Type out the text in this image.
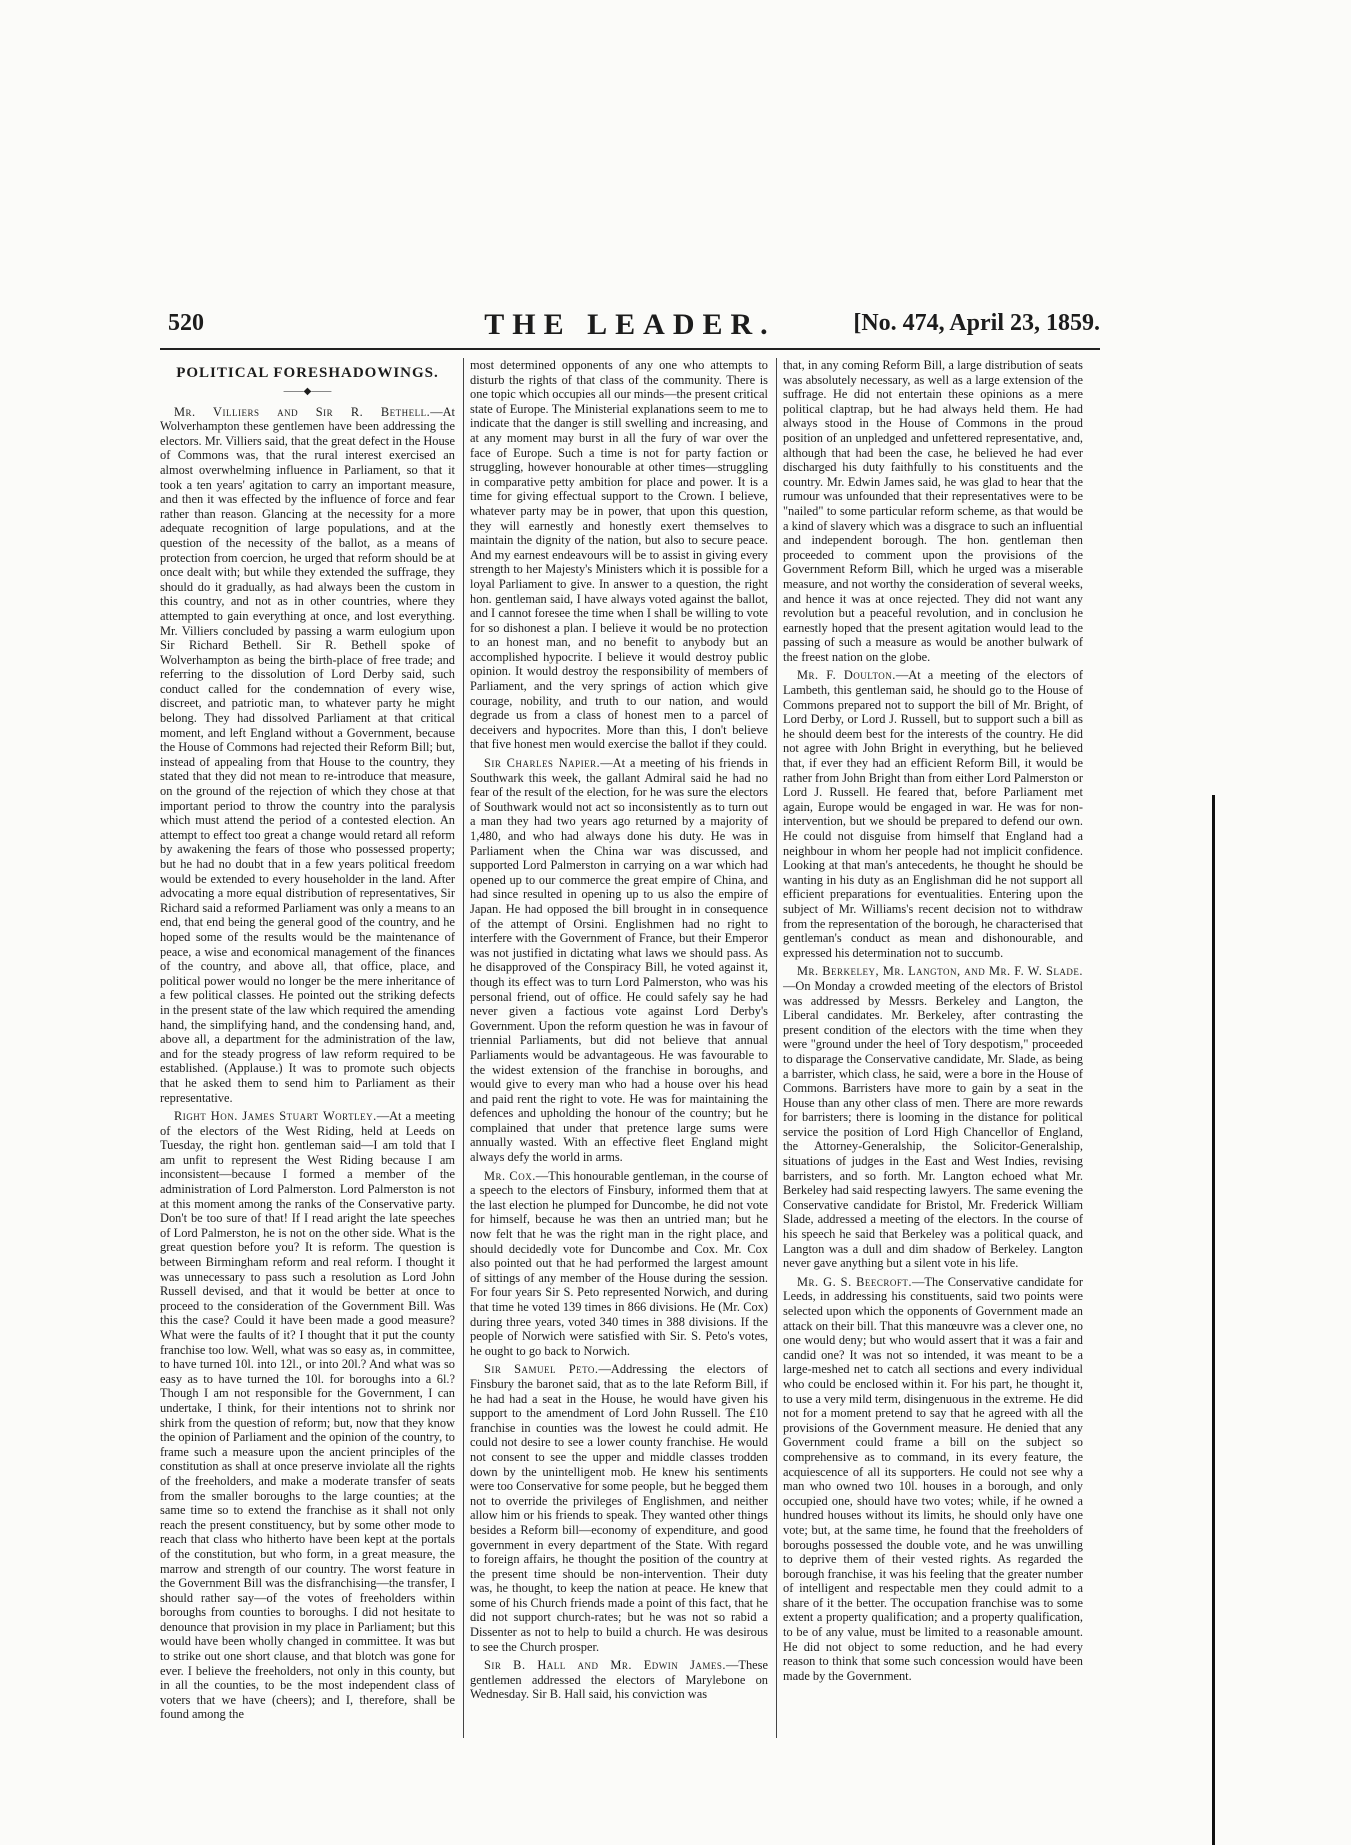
520	THE LEADER.	[No. 474, April 23, 1859.
POLITICAL FORESHADOWINGS.
——◆——

Mr. Villiers and Sir R. Bethell.—At Wolverhampton these gentlemen have been addressing the electors. Mr. Villiers said, that the great defect in the House of Commons was, that the rural interest exercised an almost overwhelming influence in Parliament, so that it took a ten years' agitation to carry an important measure, and then it was effected by the influence of force and fear rather than reason. Glancing at the necessity for a more adequate recognition of large populations, and at the question of the necessity of the ballot, as a means of protection from coercion, he urged that reform should be at once dealt with; but while they extended the suffrage, they should do it gradually, as had always been the custom in this country, and not as in other countries, where they attempted to gain everything at once, and lost everything. Mr. Villiers concluded by passing a warm eulogium upon Sir Richard Bethell. Sir R. Bethell spoke of Wolverhampton as being the birth-place of free trade; and referring to the dissolution of Lord Derby said, such conduct called for the condemnation of every wise, discreet, and patriotic man, to whatever party he might belong. They had dissolved Parliament at that critical moment, and left England without a Government, because the House of Commons had rejected their Reform Bill; but, instead of appealing from that House to the country, they stated that they did not mean to re-introduce that measure, on the ground of the rejection of which they chose at that important period to throw the country into the paralysis which must attend the period of a contested election. An attempt to effect too great a change would retard all reform by awakening the fears of those who possessed property; but he had no doubt that in a few years political freedom would be extended to every householder in the land. After advocating a more equal distribution of representatives, Sir Richard said a reformed Parliament was only a means to an end, that end being the general good of the country, and he hoped some of the results would be the maintenance of peace, a wise and economical management of the finances of the country, and above all, that office, place, and political power would no longer be the mere inheritance of a few political classes. He pointed out the striking defects in the present state of the law which required the amending hand, the simplifying hand, and the condensing hand, and, above all, a department for the administration of the law, and for the steady progress of law reform required to be established. (Applause.) It was to promote such objects that he asked them to send him to Parliament as their representative.

Right Hon. James Stuart Wortley.—At a meeting of the electors of the West Riding, held at Leeds on Tuesday, the right hon. gentleman said—I am told that I am unfit to represent the West Riding because I am inconsistent—because I formed a member of the administration of Lord Palmerston. Lord Palmerston is not at this moment among the ranks of the Conservative party. Don't be too sure of that! If I read aright the late speeches of Lord Palmerston, he is not on the other side. What is the great question before you? It is reform. The question is between Birmingham reform and real reform. I thought it was unnecessary to pass such a resolution as Lord John Russell devised, and that it would be better at once to proceed to the consideration of the Government Bill. Was this the case? Could it have been made a good measure? What were the faults of it? I thought that it put the county franchise too low. Well, what was so easy as, in committee, to have turned 10l. into 12l., or into 20l.? And what was so easy as to have turned the 10l. for boroughs into a 6l.? Though I am not responsible for the Government, I can undertake, I think, for their intentions not to shrink nor shirk from the question of reform; but, now that they know the opinion of Parliament and the opinion of the country, to frame such a measure upon the ancient principles of the constitution as shall at once preserve inviolate all the rights of the freeholders, and make a moderate transfer of seats from the smaller boroughs to the large counties; at the same time so to extend the franchise as it shall not only reach the present constituency, but by some other mode to reach that class who hitherto have been kept at the portals of the constitution, but who form, in a great measure, the marrow and strength of our country. The worst feature in the Government Bill was the disfranchising—the transfer, I should rather say—of the votes of freeholders within boroughs from counties to boroughs. I did not hesitate to denounce that provision in my place in Parliament; but this would have been wholly changed in committee. It was but to strike out one short clause, and that blotch was gone for ever. I believe the freeholders, not only in this county, but in all the counties, to be the most independent class of voters that we have (cheers); and I, therefore, shall be found among the

most determined opponents of any one who attempts to disturb the rights of that class of the community. There is one topic which occupies all our minds—the present critical state of Europe. The Ministerial explanations seem to me to indicate that the danger is still swelling and increasing, and at any moment may burst in all the fury of war over the face of Europe. Such a time is not for party faction or struggling, however honourable at other times—struggling in comparative petty ambition for place and power. It is a time for giving effectual support to the Crown. I believe, whatever party may be in power, that upon this question, they will earnestly and honestly exert themselves to maintain the dignity of the nation, but also to secure peace. And my earnest endeavours will be to assist in giving every strength to her Majesty's Ministers which it is possible for a loyal Parliament to give. In answer to a question, the right hon. gentleman said, I have always voted against the ballot, and I cannot foresee the time when I shall be willing to vote for so dishonest a plan. I believe it would be no protection to an honest man, and no benefit to anybody but an accomplished hypocrite. I believe it would destroy public opinion. It would destroy the responsibility of members of Parliament, and the very springs of action which give courage, nobility, and truth to our nation, and would degrade us from a class of honest men to a parcel of deceivers and hypocrites. More than this, I don't believe that five honest men would exercise the ballot if they could.

Sir Charles Napier.—At a meeting of his friends in Southwark this week, the gallant Admiral said he had no fear of the result of the election, for he was sure the electors of Southwark would not act so inconsistently as to turn out a man they had two years ago returned by a majority of 1,480, and who had always done his duty. He was in Parliament when the China war was discussed, and supported Lord Palmerston in carrying on a war which had opened up to our commerce the great empire of China, and had since resulted in opening up to us also the empire of Japan. He had opposed the bill brought in in consequence of the attempt of Orsini. Englishmen had no right to interfere with the Government of France, but their Emperor was not justified in dictating what laws we should pass. As he disapproved of the Conspiracy Bill, he voted against it, though its effect was to turn Lord Palmerston, who was his personal friend, out of office. He could safely say he had never given a factious vote against Lord Derby's Government. Upon the reform question he was in favour of triennial Parliaments, but did not believe that annual Parliaments would be advantageous. He was favourable to the widest extension of the franchise in boroughs, and would give to every man who had a house over his head and paid rent the right to vote. He was for maintaining the defences and upholding the honour of the country; but he complained that under that pretence large sums were annually wasted. With an effective fleet England might always defy the world in arms.

Mr. Cox.—This honourable gentleman, in the course of a speech to the electors of Finsbury, informed them that at the last election he plumped for Duncombe, he did not vote for himself, because he was then an untried man; but he now felt that he was the right man in the right place, and should decidedly vote for Duncombe and Cox. Mr. Cox also pointed out that he had performed the largest amount of sittings of any member of the House during the session. For four years Sir S. Peto represented Norwich, and during that time he voted 139 times in 866 divisions. He (Mr. Cox) during three years, voted 340 times in 388 divisions. If the people of Norwich were satisfied with Sir. S. Peto's votes, he ought to go back to Norwich.

Sir Samuel Peto.—Addressing the electors of Finsbury the baronet said, that as to the late Reform Bill, if he had had a seat in the House, he would have given his support to the amendment of Lord John Russell. The £10 franchise in counties was the lowest he could admit. He could not desire to see a lower county franchise. He would not consent to see the upper and middle classes trodden down by the unintelligent mob. He knew his sentiments were too Conservative for some people, but he begged them not to override the privileges of Englishmen, and neither allow him or his friends to speak. They wanted other things besides a Reform bill—economy of expenditure, and good government in every department of the State. With regard to foreign affairs, he thought the position of the country at the present time should be non-intervention. Their duty was, he thought, to keep the nation at peace. He knew that some of his Church friends made a point of this fact, that he did not support church-rates; but he was not so rabid a Dissenter as not to help to build a church. He was desirous to see the Church prosper.

Sir B. Hall and Mr. Edwin James.—These gentlemen addressed the electors of Marylebone on Wednesday. Sir B. Hall said, his conviction was

that, in any coming Reform Bill, a large distribution of seats was absolutely necessary, as well as a large extension of the suffrage. He did not entertain these opinions as a mere political claptrap, but he had always held them. He had always stood in the House of Commons in the proud position of an unpledged and unfettered representative, and, although that had been the case, he believed he had ever discharged his duty faithfully to his constituents and the country. Mr. Edwin James said, he was glad to hear that the rumour was unfounded that their representatives were to be "nailed" to some particular reform scheme, as that would be a kind of slavery which was a disgrace to such an influential and independent borough. The hon. gentleman then proceeded to comment upon the provisions of the Government Reform Bill, which he urged was a miserable measure, and not worthy the consideration of several weeks, and hence it was at once rejected. They did not want any revolution but a peaceful revolution, and in conclusion he earnestly hoped that the present agitation would lead to the passing of such a measure as would be another bulwark of the freest nation on the globe.

Mr. F. Doulton.—At a meeting of the electors of Lambeth, this gentleman said, he should go to the House of Commons prepared not to support the bill of Mr. Bright, of Lord Derby, or Lord J. Russell, but to support such a bill as he should deem best for the interests of the country. He did not agree with John Bright in everything, but he believed that, if ever they had an efficient Reform Bill, it would be rather from John Bright than from either Lord Palmerston or Lord J. Russell. He feared that, before Parliament met again, Europe would be engaged in war. He was for non-intervention, but we should be prepared to defend our own. He could not disguise from himself that England had a neighbour in whom her people had not implicit confidence. Looking at that man's antecedents, he thought he should be wanting in his duty as an Englishman did he not support all efficient preparations for eventualities. Entering upon the subject of Mr. Williams's recent decision not to withdraw from the representation of the borough, he characterised that gentleman's conduct as mean and dishonourable, and expressed his determination not to succumb.

Mr. Berkeley, Mr. Langton, and Mr. F. W. Slade.—On Monday a crowded meeting of the electors of Bristol was addressed by Messrs. Berkeley and Langton, the Liberal candidates. Mr. Berkeley, after contrasting the present condition of the electors with the time when they were "ground under the heel of Tory despotism," proceeded to disparage the Conservative candidate, Mr. Slade, as being a barrister, which class, he said, were a bore in the House of Commons. Barristers have more to gain by a seat in the House than any other class of men. There are more rewards for barristers; there is looming in the distance for political service the position of Lord High Chancellor of England, the Attorney-Generalship, the Solicitor-Generalship, situations of judges in the East and West Indies, revising barristers, and so forth. Mr. Langton echoed what Mr. Berkeley had said respecting lawyers. The same evening the Conservative candidate for Bristol, Mr. Frederick William Slade, addressed a meeting of the electors. In the course of his speech he said that Berkeley was a political quack, and Langton was a dull and dim shadow of Berkeley. Langton never gave anything but a silent vote in his life.

Mr. G. S. Beecroft.—The Conservative candidate for Leeds, in addressing his constituents, said two points were selected upon which the opponents of Government made an attack on their bill. That this manœuvre was a clever one, no one would deny; but who would assert that it was a fair and candid one? It was not so intended, it was meant to be a large-meshed net to catch all sections and every individual who could be enclosed within it. For his part, he thought it, to use a very mild term, disingenuous in the extreme. He did not for a moment pretend to say that he agreed with all the provisions of the Government measure. He denied that any Government could frame a bill on the subject so comprehensive as to command, in its every feature, the acquiescence of all its supporters. He could not see why a man who owned two 10l. houses in a borough, and only occupied one, should have two votes; while, if he owned a hundred houses without its limits, he should only have one vote; but, at the same time, he found that the freeholders of boroughs possessed the double vote, and he was unwilling to deprive them of their vested rights. As regarded the borough franchise, it was his feeling that the greater number of intelligent and respectable men they could admit to a share of it the better. The occupation franchise was to some extent a property qualification; and a property qualification, to be of any value, must be limited to a reasonable amount. He did not object to some reduction, and he had every reason to think that some such concession would have been made by the Government.
